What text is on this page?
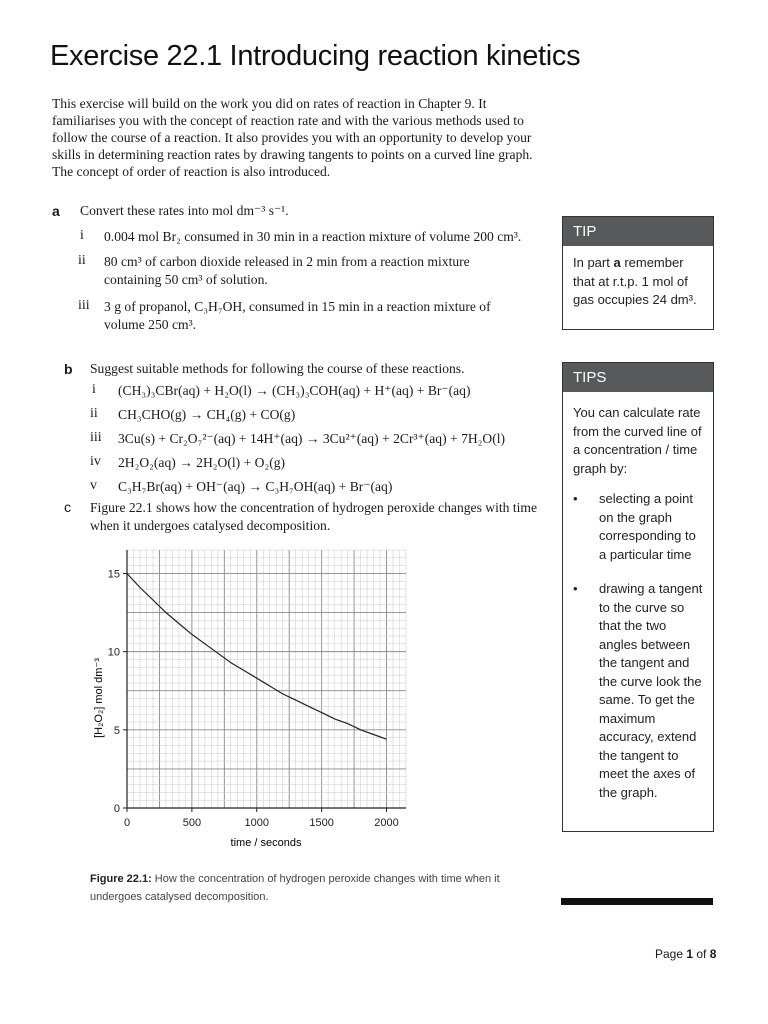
Exercise 22.1 Introducing reaction kinetics
This exercise will build on the work you did on rates of reaction in Chapter 9. It familiarises you with the concept of reaction rate and with the various methods used to follow the course of a reaction. It also provides you with an opportunity to develop your skills in determining reaction rates by drawing tangents to points on a curved line graph. The concept of order of reaction is also introduced.
a Convert these rates into mol dm⁻³ s⁻¹.
i 0.004 mol Br₂ consumed in 30 min in a reaction mixture of volume 200 cm³.
ii 80 cm³ of carbon dioxide released in 2 min from a reaction mixture containing 50 cm³ of solution.
iii 3 g of propanol, C₃H₇OH, consumed in 15 min in a reaction mixture of volume 250 cm³.
b Suggest suitable methods for following the course of these reactions.
i (CH₃)₃CBr(aq) + H₂O(l) → (CH₃)₃COH(aq) + H⁺(aq) + Br⁻(aq)
ii CH₃CHO(g) → CH₄(g) + CO(g)
iii 3Cu(s) + Cr₂O₇²⁻(aq) + 14H⁺(aq) → 3Cu²⁺(aq) + 2Cr³⁺(aq) + 7H₂O(l)
iv 2H₂O₂(aq) → 2H₂O(l) + O₂(g)
v C₃H₇Br(aq) + OH⁻(aq) → C₃H₇OH(aq) + Br⁻(aq)
c Figure 22.1 shows how the concentration of hydrogen peroxide changes with time when it undergoes catalysed decomposition.
0	500	1000	1500	2000
0
5
10
15
time / seconds
[H₂O₂] mol dm⁻³
TIP
In part a remember that at r.t.p. 1 mol of gas occupies 24 dm³.
TIPS
You can calculate rate from the curved line of a concentration / time graph by:
• selecting a point on the graph corresponding to a particular time
• drawing a tangent to the curve so that the two angles between the tangent and the curve look the same. To get the maximum accuracy, extend the tangent to meet the axes of the graph.
Figure 22.1: How the concentration of hydrogen peroxide changes with time when it undergoes catalysed decomposition.
Page 1 of 8
